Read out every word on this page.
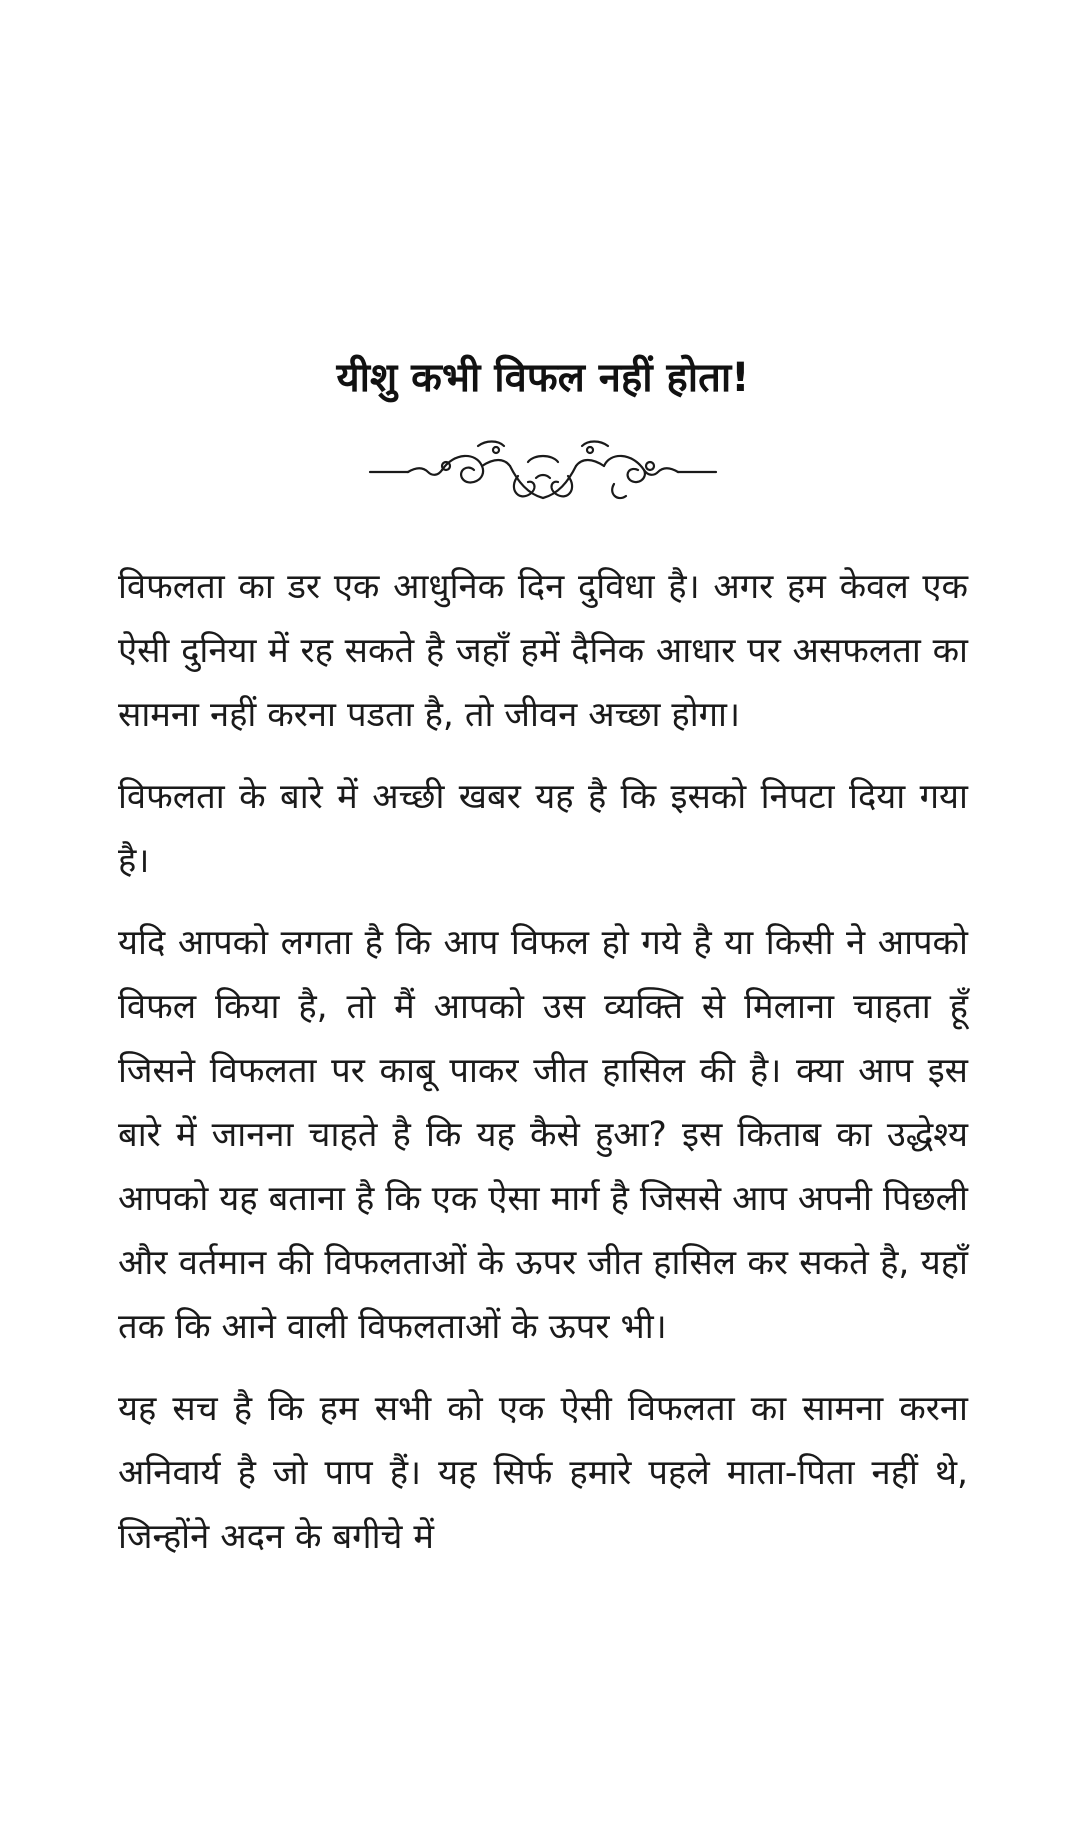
यीशु कभी विफल नहीं होता!

विफलता का डर एक आधुनिक दिन दुविधा है। अगर हम केवल एक ऐसी दुनिया में रह सकते है जहाँ हमें दैनिक आधार पर असफलता का सामना नहीं करना पडता है, तो जीवन अच्छा होगा।

विफलता के बारे में अच्छी खबर यह है कि इसको निपटा दिया गया है।

यदि आपको लगता है कि आप विफल हो गये है या किसी ने आपको विफल किया है, तो मैं आपको उस व्यक्ति से मिलाना चाहता हूँ जिसने विफलता पर काबू पाकर जीत हासिल की है। क्या आप इस बारे में जानना चाहते है कि यह कैसे हुआ? इस किताब का उद्धेश्य आपको यह बताना है कि एक ऐसा मार्ग है जिससे आप अपनी पिछली और वर्तमान की विफलताओं के ऊपर जीत हासिल कर सकते है, यहाँ तक कि आने वाली विफलताओं के ऊपर भी।

यह सच है कि हम सभी को एक ऐसी विफलता का सामना करना अनिवार्य है जो पाप हैं। यह सिर्फ हमारे पहले माता-पिता नहीं थे, जिन्होंने अदन के बगीचे में
